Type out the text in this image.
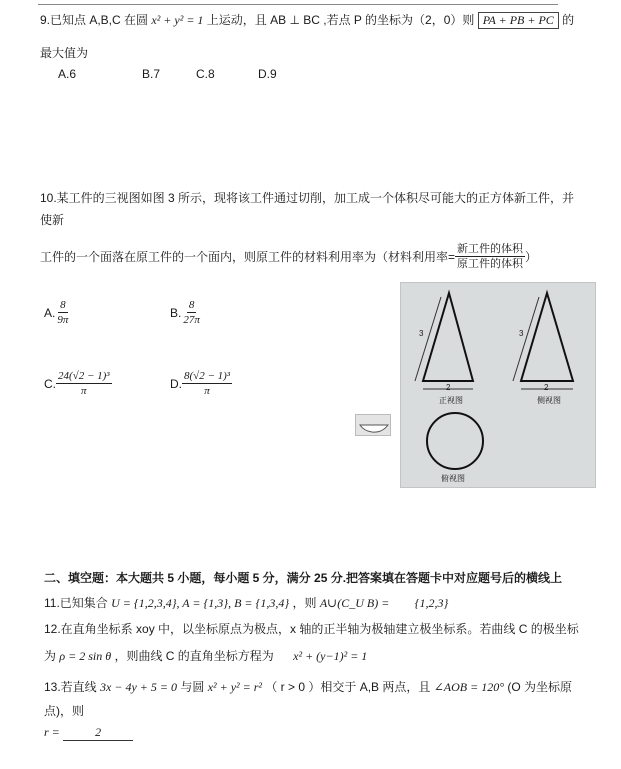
9.已知点 A,B,C 在圆 x² + y² = 1 上运动，且 AB ⊥ BC ,若点 P 的坐标为（2，0）则 PA + PB + PC 的
最大值为
A.6	B.7	C.8	D.9
10.某工件的三视图如图 3 所示，现将该工件通过切削，加工成一个体积尽可能大的正方体新工件，并
使新
工件的一个面落在原工件的一个面内，则原工件的材料利用率为（材料利用率= $\frac{\text{新工件的体积}}{\text{原工件的体积}}$ ）
A. $\frac{8}{9\pi}$	B. $\frac{8}{27\pi}$
C. $\frac{\text{24(√2 − 1)³}}{\pi}$	D. $\frac{\text{8(√2 − 1)³}}{\pi}$
3
2
3
2
正视图	侧视图
俯视图
二、填空题：本大题共 5 小题，每小题 5 分，满分 25 分.把答案填在答题卡中对应题号后的横线上
11.已知集合 U = {1,2,3,4}, A = {1,3}, B = {1,3,4} ，则 A∪(C_U B) = {1,2,3}
12.在直角坐标系 xoy 中，以坐标原点为极点，x 轴的正半轴为极轴建立极坐标系。若曲线 C 的极坐标
为 ρ = 2 sin θ ，则曲线 C 的直角坐标方程为 x² + (y−1)² = 1
13.若直线 3x − 4y + 5 = 0 与圆 x² + y² = r² （ r > 0 ）相交于 A,B 两点，且 ∠AOB = 120° (O 为坐标原
点)，则
r =	2
